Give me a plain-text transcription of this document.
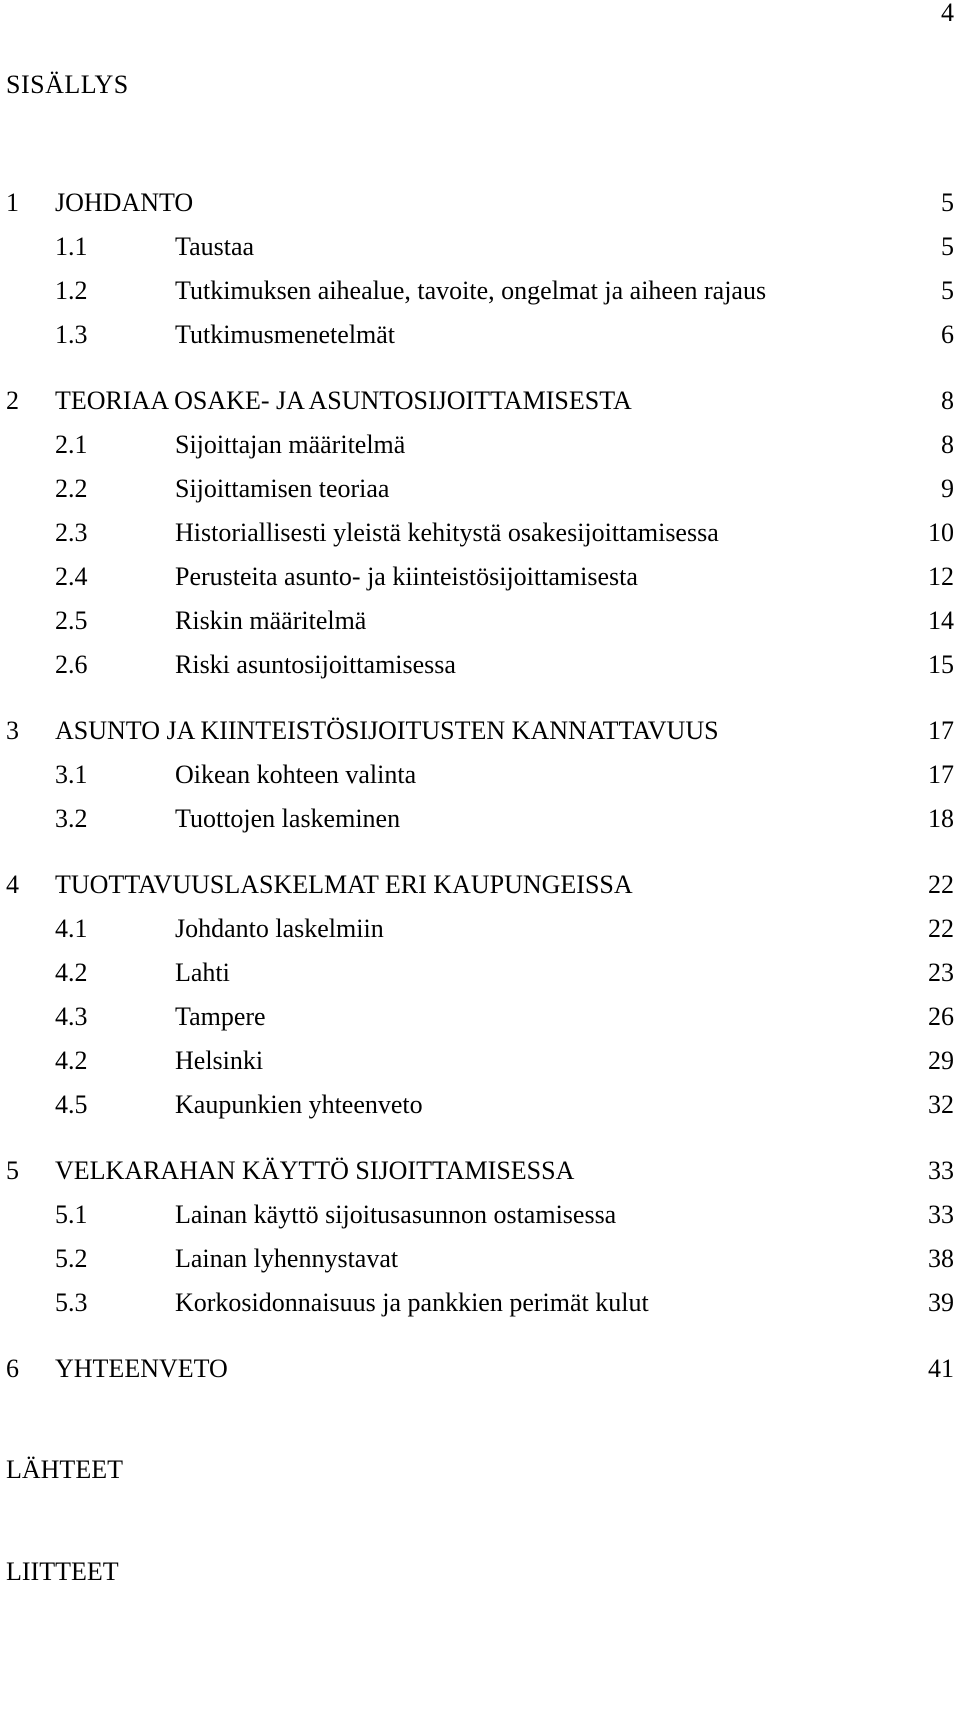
4
SISÄLLYS
1 JOHDANTO	5
1.1	Taustaa	5
1.2	Tutkimuksen aihealue, tavoite, ongelmat ja aiheen rajaus	5
1.3	Tutkimusmenetelmät	6
2 TEORIAA OSAKE- JA ASUNTOSIJOITTAMISESTA	8
2.1	Sijoittajan määritelmä	8
2.2	Sijoittamisen teoriaa	9
2.3	Historiallisesti yleistä kehitystä osakesijoittamisessa	10
2.4	Perusteita asunto- ja kiinteistösijoittamisesta	12
2.5	Riskin määritelmä	14
2.6	Riski asuntosijoittamisessa	15
3 ASUNTO JA KIINTEISTÖSIJOITUSTEN KANNATTAVUUS	17
3.1	Oikean kohteen valinta	17
3.2	Tuottojen laskeminen	18
4 TUOTTAVUUSLASKELMAT ERI KAUPUNGEISSA	22
4.1	Johdanto laskelmiin	22
4.2	Lahti	23
4.3	Tampere	26
4.2	Helsinki	29
4.5	Kaupunkien yhteenveto	32
5 VELKARAHAN KÄYTTÖ SIJOITTAMISESSA	33
5.1	Lainan käyttö sijoitusasunnon ostamisessa	33
5.2	Lainan lyhennystavat	38
5.3	Korkosidonnaisuus ja pankkien perimät kulut	39
6 YHTEENVETO	41
LÄHTEET
LIITTEET
